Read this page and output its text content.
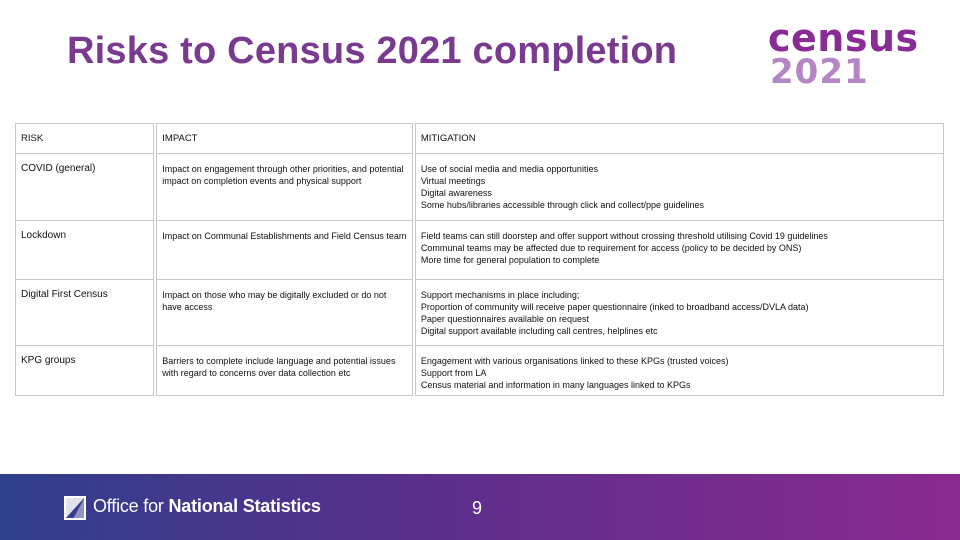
Risks to Census 2021 completion census
2021
RISK	IMPACT	MITIGATION
COVID (general)	Impact on engagement through other priorities, and potential impact on completion events and physical support	Use of social media and media opportunities
Virtual meetings
Digital awareness
Some hubs/libraries accessible through click and collect/ppe guidelines

Lockdown	Impact on Communal Establishments and Field Census team	Field teams can still doorstep and offer support without crossing threshold utilising Covid 19 guidelines
Communal teams may be affected due to requirement for access (policy to be decided by ONS)
More time for general population to complete

Digital First Census	Impact on those who may be digitally excluded or do not have access	Support mechanisms in place including;
Proportion of community will receive paper questionnaire (inked to broadband access/DVLA data)
Paper questionnaires available on request
Digital support available including call centres, helplines etc

KPG groups	Barriers to complete include language and potential issues with regard to concerns over data collection etc	Engagement with various organisations linked to these KPGs (trusted voices)
Support from LA
Census material and information in many languages linked to KPGs
Office for National Statistics	9
